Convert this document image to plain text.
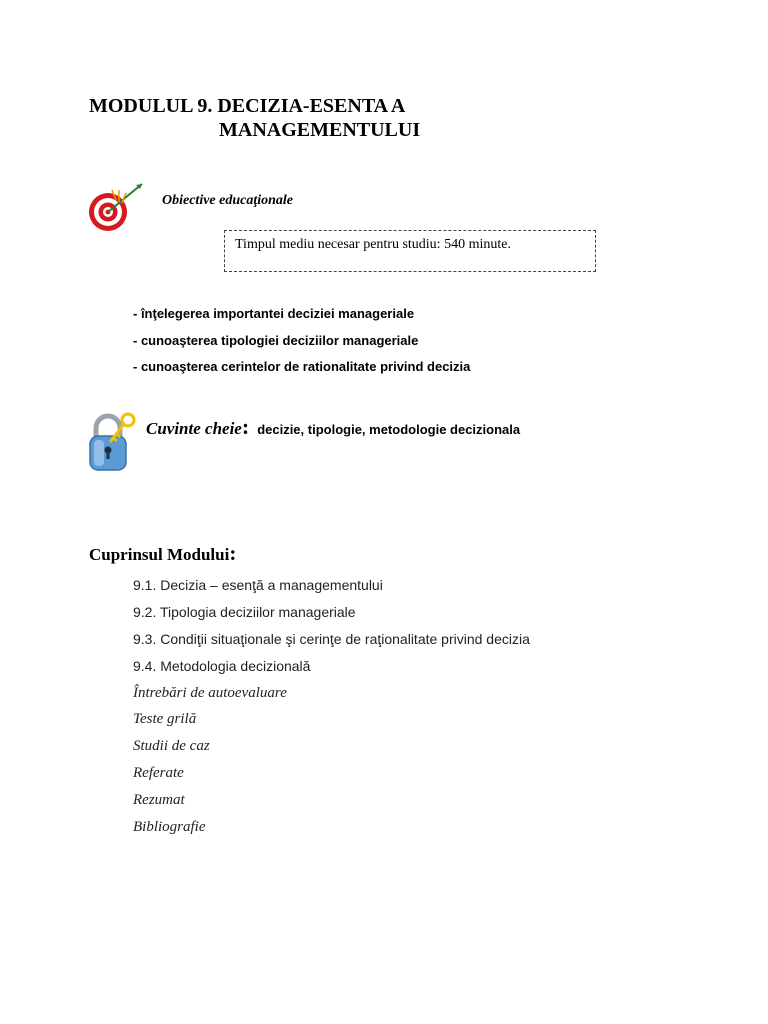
MODULUL 9. DECIZIA-ESENTA A
MANAGEMENTULUI
Obiective educaţionale
Timpul mediu necesar pentru studiu: 540 minute.
- înţelegerea importantei deciziei manageriale
- cunoaşterea tipologiei deciziilor manageriale
- cunoaşterea cerintelor de rationalitate privind decizia
Cuvinte cheie: decizie, tipologie, metodologie decizionala
Cuprinsul Modului:
9.1. Decizia – esenţă a managementului
9.2. Tipologia deciziilor manageriale
9.3. Condiţii situaţionale şi cerinţe de raţionalitate privind decizia
9.4. Metodologia decizională
Întrebări de autoevaluare
Teste grilă
Studii de caz
Referate
Rezumat
Bibliografie
